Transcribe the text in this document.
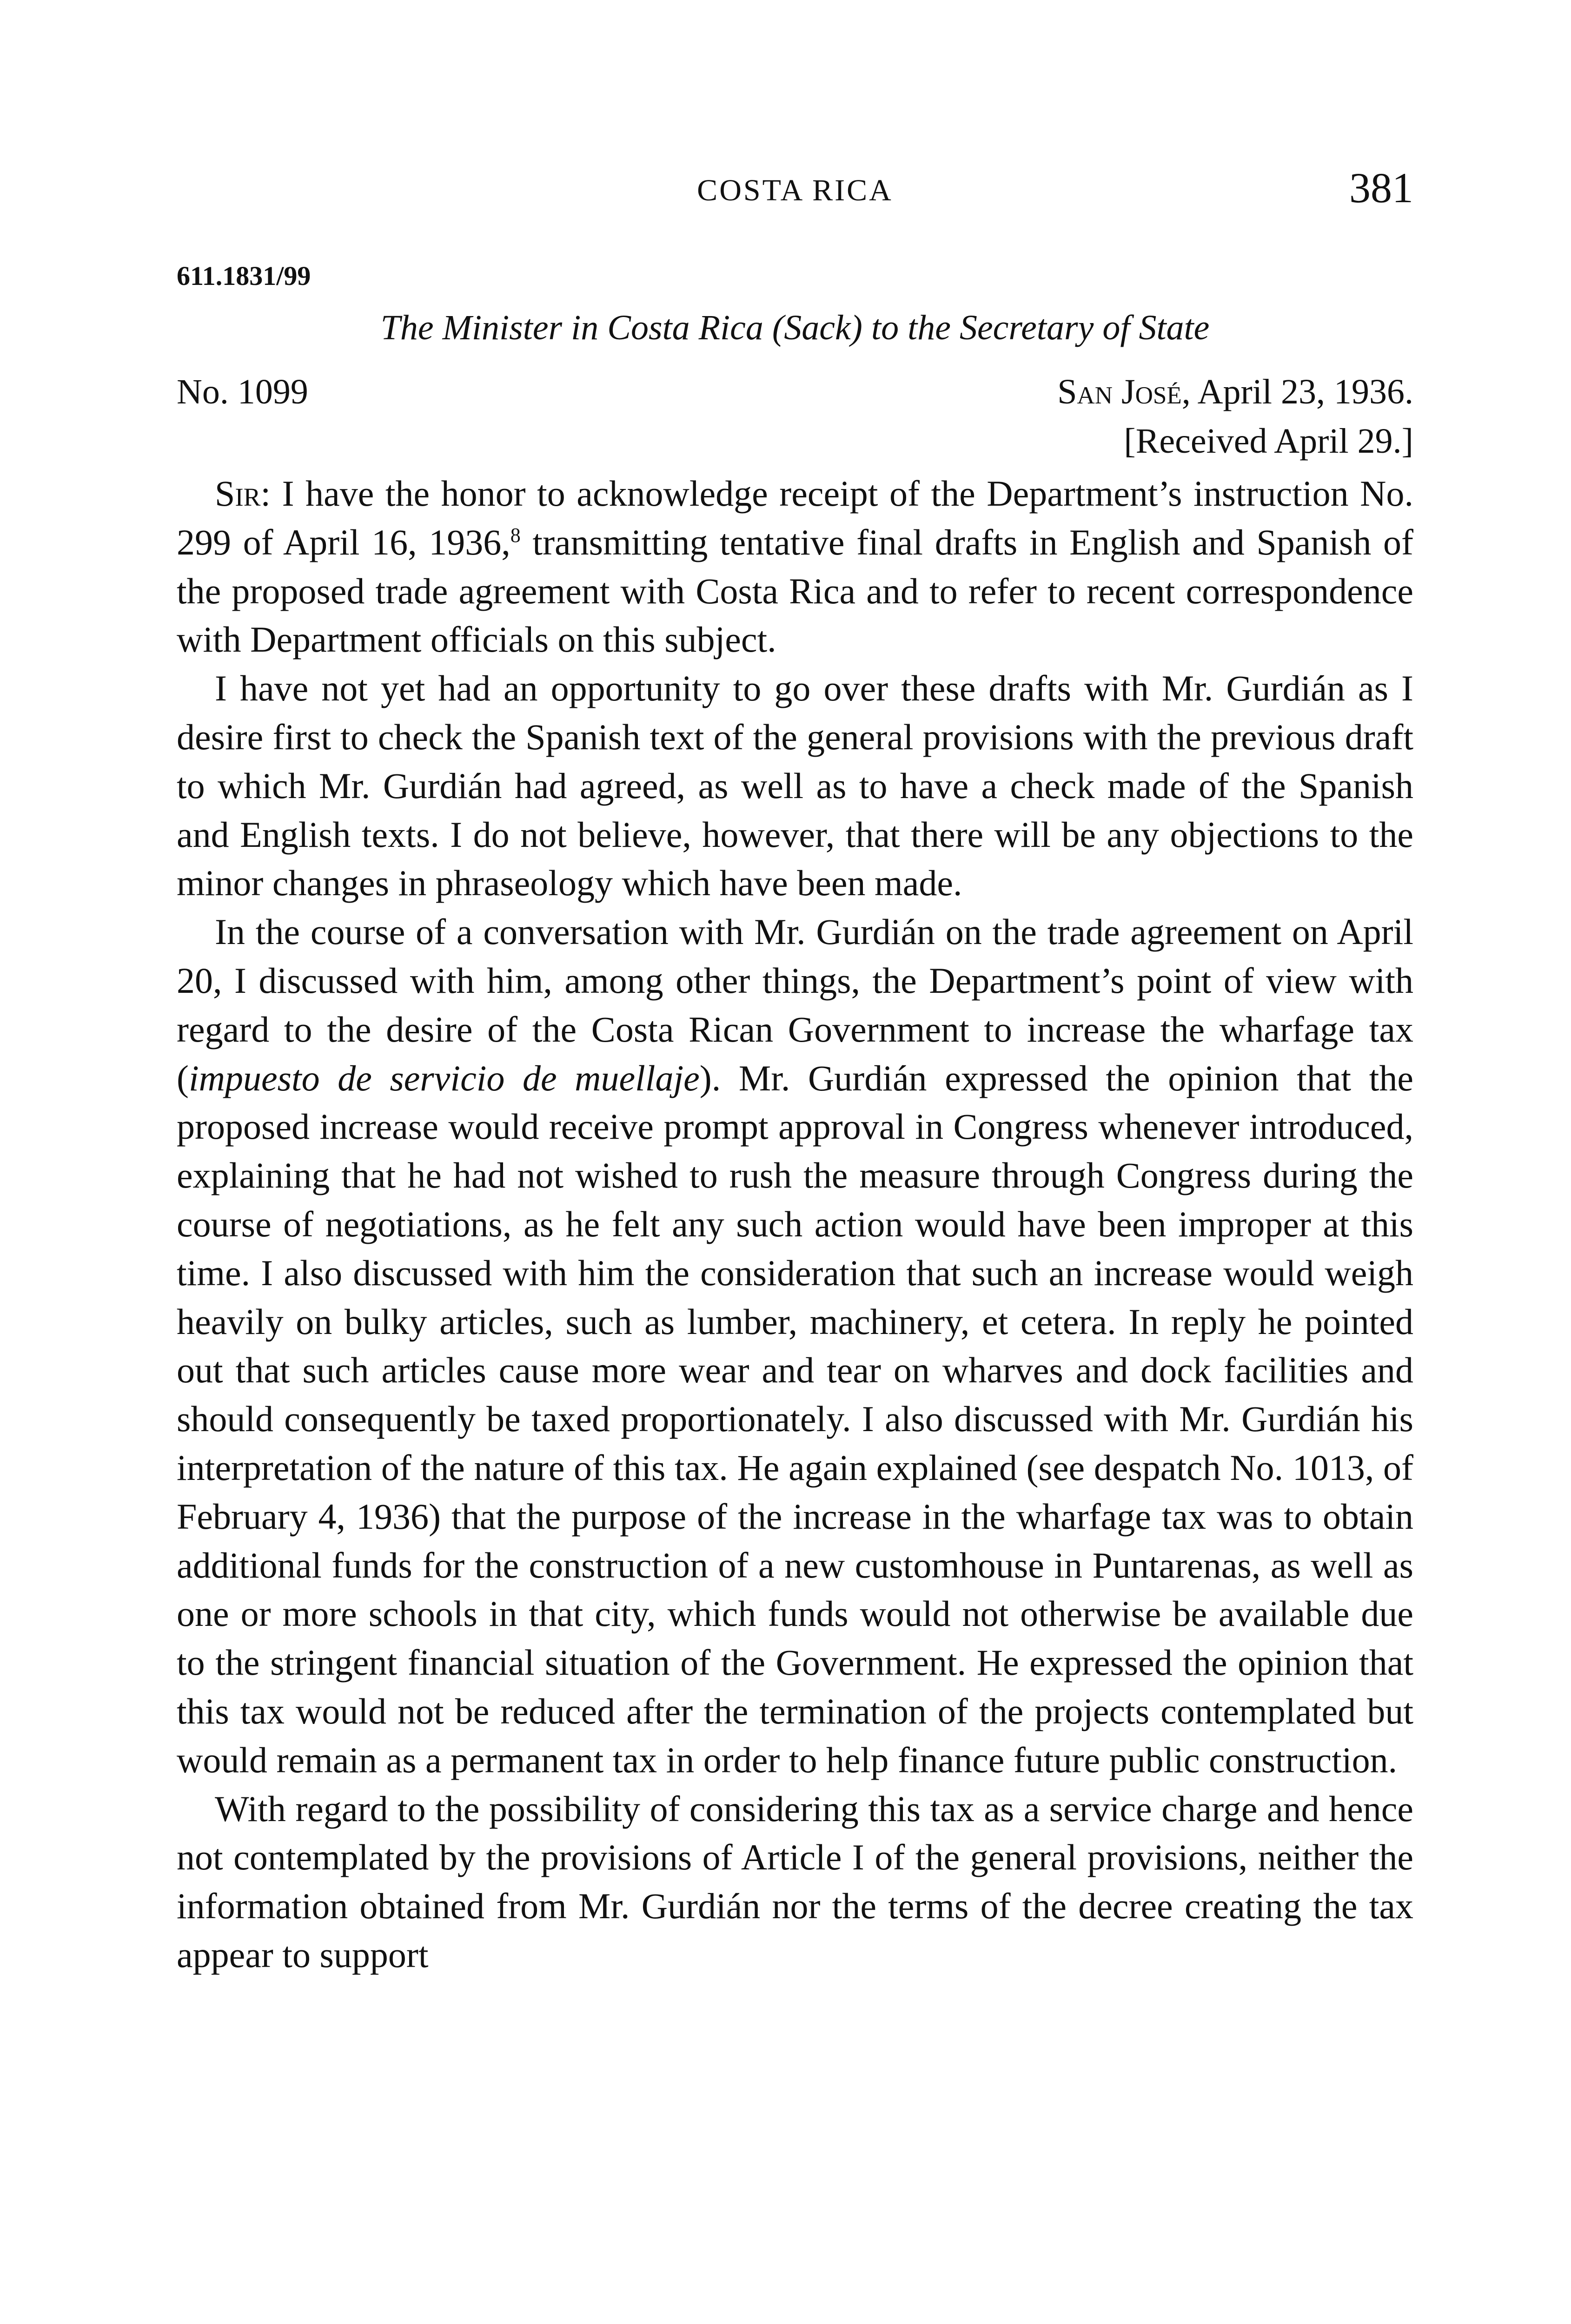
COSTA RICA	381
611.1831/99
The Minister in Costa Rica (Sack) to the Secretary of State
No. 1099	San José, April 23, 1936.
[Received April 29.]

Sir: I have the honor to acknowledge receipt of the Department’s instruction No. 299 of April 16, 1936,$^8$ transmitting tentative final drafts in English and Spanish of the proposed trade agreement with Costa Rica and to refer to recent correspondence with Department officials on this subject.

I have not yet had an opportunity to go over these drafts with Mr. Gurdián as I desire first to check the Spanish text of the general provisions with the previous draft to which Mr. Gurdián had agreed, as well as to have a check made of the Spanish and English texts. I do not believe, however, that there will be any objections to the minor changes in phraseology which have been made.

In the course of a conversation with Mr. Gurdián on the trade agreement on April 20, I discussed with him, among other things, the Department’s point of view with regard to the desire of the Costa Rican Government to increase the wharfage tax (impuesto de servicio de muellaje). Mr. Gurdián expressed the opinion that the proposed increase would receive prompt approval in Congress whenever introduced, explaining that he had not wished to rush the measure through Congress during the course of negotiations, as he felt any such action would have been improper at this time. I also discussed with him the consideration that such an increase would weigh heavily on bulky articles, such as lumber, machinery, et cetera. In reply he pointed out that such articles cause more wear and tear on wharves and dock facilities and should consequently be taxed proportionately. I also discussed with Mr. Gurdián his interpretation of the nature of this tax. He again explained (see despatch No. 1013, of February 4, 1936) that the purpose of the increase in the wharfage tax was to obtain additional funds for the construction of a new customhouse in Puntarenas, as well as one or more schools in that city, which funds would not otherwise be available due to the stringent financial situation of the Government. He expressed the opinion that this tax would not be reduced after the termination of the projects contemplated but would remain as a permanent tax in order to help finance future public construction.

With regard to the possibility of considering this tax as a service charge and hence not contemplated by the provisions of Article I of the general provisions, neither the information obtained from Mr. Gurdián nor the terms of the decree creating the tax appear to support
